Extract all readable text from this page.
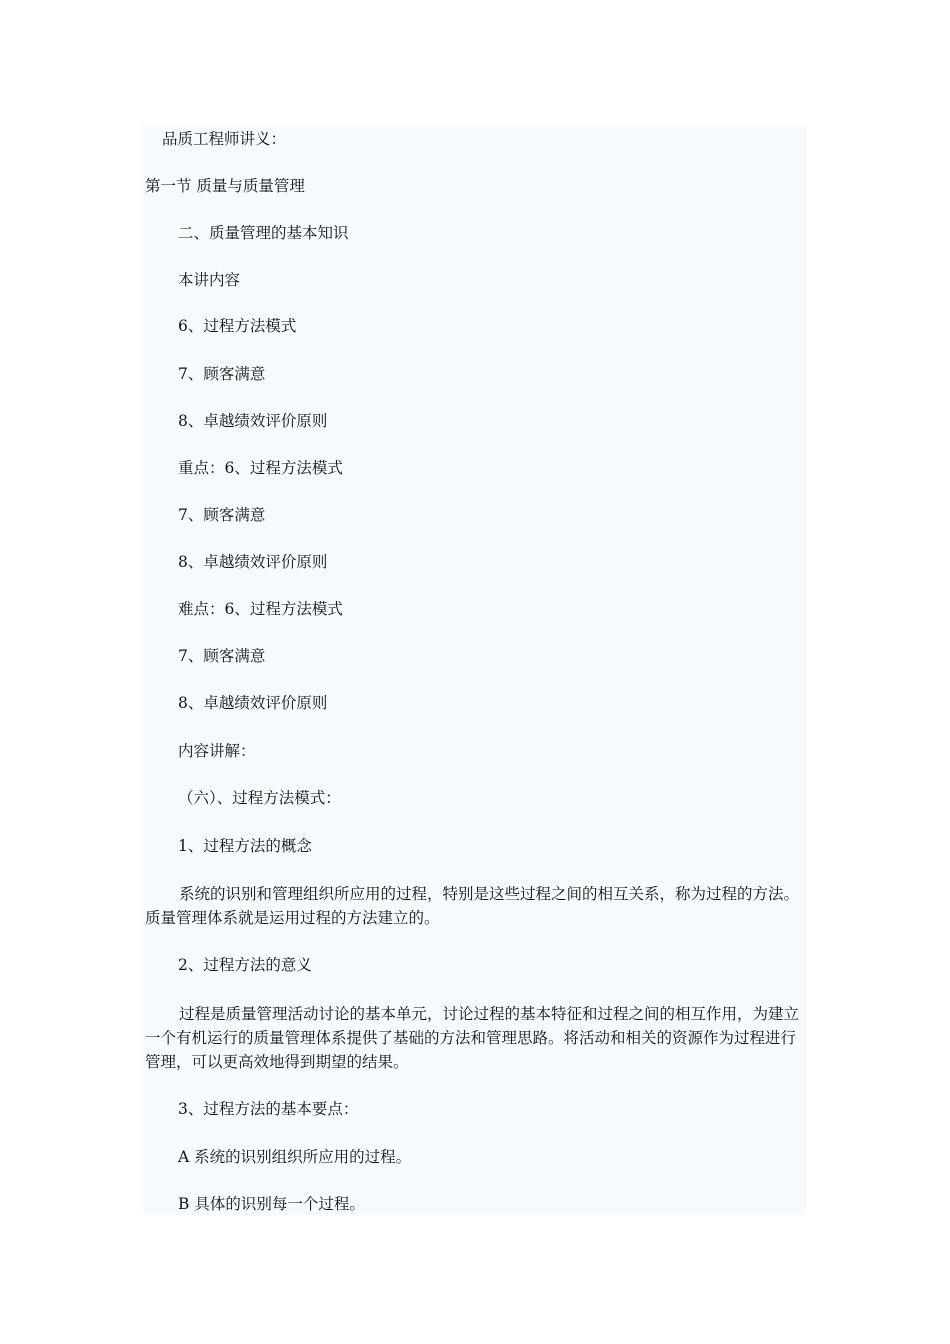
品质工程师讲义：

第一节 质量与质量管理

二、质量管理的基本知识

本讲内容

6、过程方法模式

7、顾客满意

8、卓越绩效评价原则

重点：6、过程方法模式

7、顾客满意

8、卓越绩效评价原则

难点：6、过程方法模式

7、顾客满意

8、卓越绩效评价原则

内容讲解：

（六）、过程方法模式：

1、过程方法的概念

系统的识别和管理组织所应用的过程，特别是这些过程之间的相互关系，称为过程的方法。质量管理体系就是运用过程的方法建立的。

2、过程方法的意义

过程是质量管理活动讨论的基本单元，讨论过程的基本特征和过程之间的相互作用，为建立一个有机运行的质量管理体系提供了基础的方法和管理思路。将活动和相关的资源作为过程进行管理，可以更高效地得到期望的结果。

3、过程方法的基本要点：

A 系统的识别组织所应用的过程。

B 具体的识别每一个过程。
